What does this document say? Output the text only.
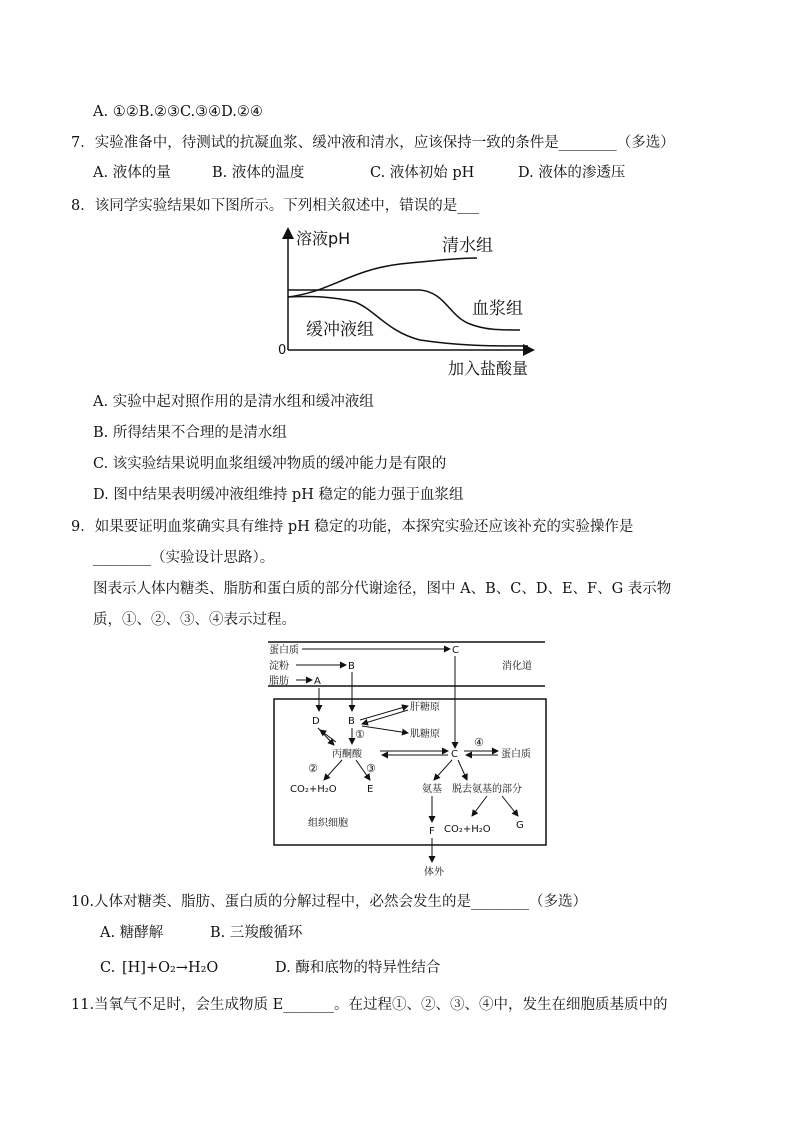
A. ①②B.②③C.③④D.②④
7．实验准备中，待测试的抗凝血浆、缓冲液和清水，应该保持一致的条件是________（多选）
A. 液体的量	B. 液体的温度	C. 液体初始 pH	D. 液体的渗透压
8．该同学实验结果如下图所示。下列相关叙述中，错误的是___
溶液pH
0
加入盐酸量
清水组
血浆组
缓冲液组
A. 实验中起对照作用的是清水组和缓冲液组
B. 所得结果不合理的是清水组
C. 该实验结果说明血浆组缓冲物质的缓冲能力是有限的
D. 图中结果表明缓冲液组维持 pH 稳定的能力强于血浆组
9．如果要证明血浆确实具有维持 pH 稳定的功能，本探究实验还应该补充的实验操作是
________（实验设计思路）。
图表示人体内糖类、脂肪和蛋白质的部分代谢途径，图中 A、B、C、D、E、F、G 表示物
质，①、②、③、④表示过程。
蛋白质	C
淀粉	B
脂肪	A
消化道
D	B
肝糖原
肌糖原
①
丙酮酸	C
④
蛋白质
②	③
CO₂+H₂O	E	氨基 脱去氨基的部分
组织细胞
F CO₂+H₂O	G
体外
10.人体对糖类、脂肪、蛋白质的分解过程中，必然会发生的是________（多选）
A. 糖酵解	B. 三羧酸循环
C. [H]+O₂→H₂O	D. 酶和底物的特异性结合
11.当氧气不足时，会生成物质 E_______。在过程①、②、③、④中，发生在细胞质基质中的
